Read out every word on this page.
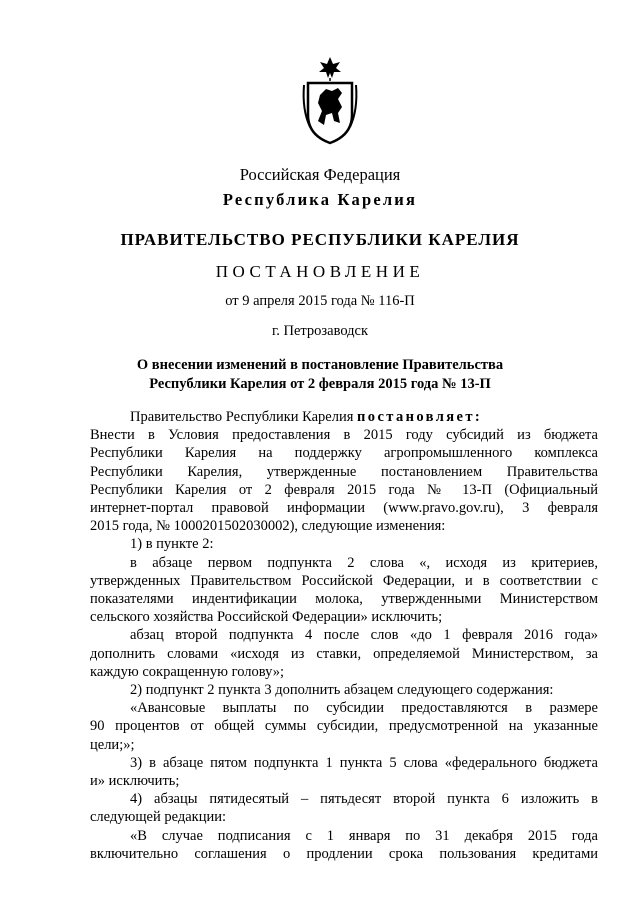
Российская Федерация
Республика Карелия
ПРАВИТЕЛЬСТВО РЕСПУБЛИКИ КАРЕЛИЯ
ПОСТАНОВЛЕНИЕ
от 9 апреля 2015 года № 116-П
г. Петрозаводск
О внесении изменений в постановление Правительства
Республики Карелия от 2 февраля 2015 года № 13-П

Правительство Республики Карелия постановляет:

Внести в Условия предоставления в 2015 году субсидий из бюджета

Республики Карелия на поддержку агропромышленного комплекса

Республики Карелия, утвержденные постановлением Правительства

Республики Карелия от 2 февраля 2015 года № 13-П (Официальный

интернет-портал правовой информации (www.pravo.gov.ru), 3 февраля

2015 года, № 1000201502030002), следующие изменения:

1) в пункте 2:

в абзаце первом подпункта 2 слова «, исходя из критериев,

утвержденных Правительством Российской Федерации, и в соответствии с

показателями индентификации молока, утвержденными Министерством

сельского хозяйства Российской Федерации» исключить;

абзац второй подпункта 4 после слов «до 1 февраля 2016 года»

дополнить словами «исходя из ставки, определяемой Министерством, за

каждую сокращенную голову»;

2) подпункт 2 пункта 3 дополнить абзацем следующего содержания:

«Авансовые выплаты по субсидии предоставляются в размере

90 процентов от общей суммы субсидии, предусмотренной на указанные

цели;»;

3) в абзаце пятом подпункта 1 пункта 5 слова «федерального бюджета

и» исключить;

4) абзацы пятидесятый – пятьдесят второй пункта 6 изложить в

следующей редакции:

«В случае подписания с 1 января по 31 декабря 2015 года

включительно соглашения о продлении срока пользования кредитами
